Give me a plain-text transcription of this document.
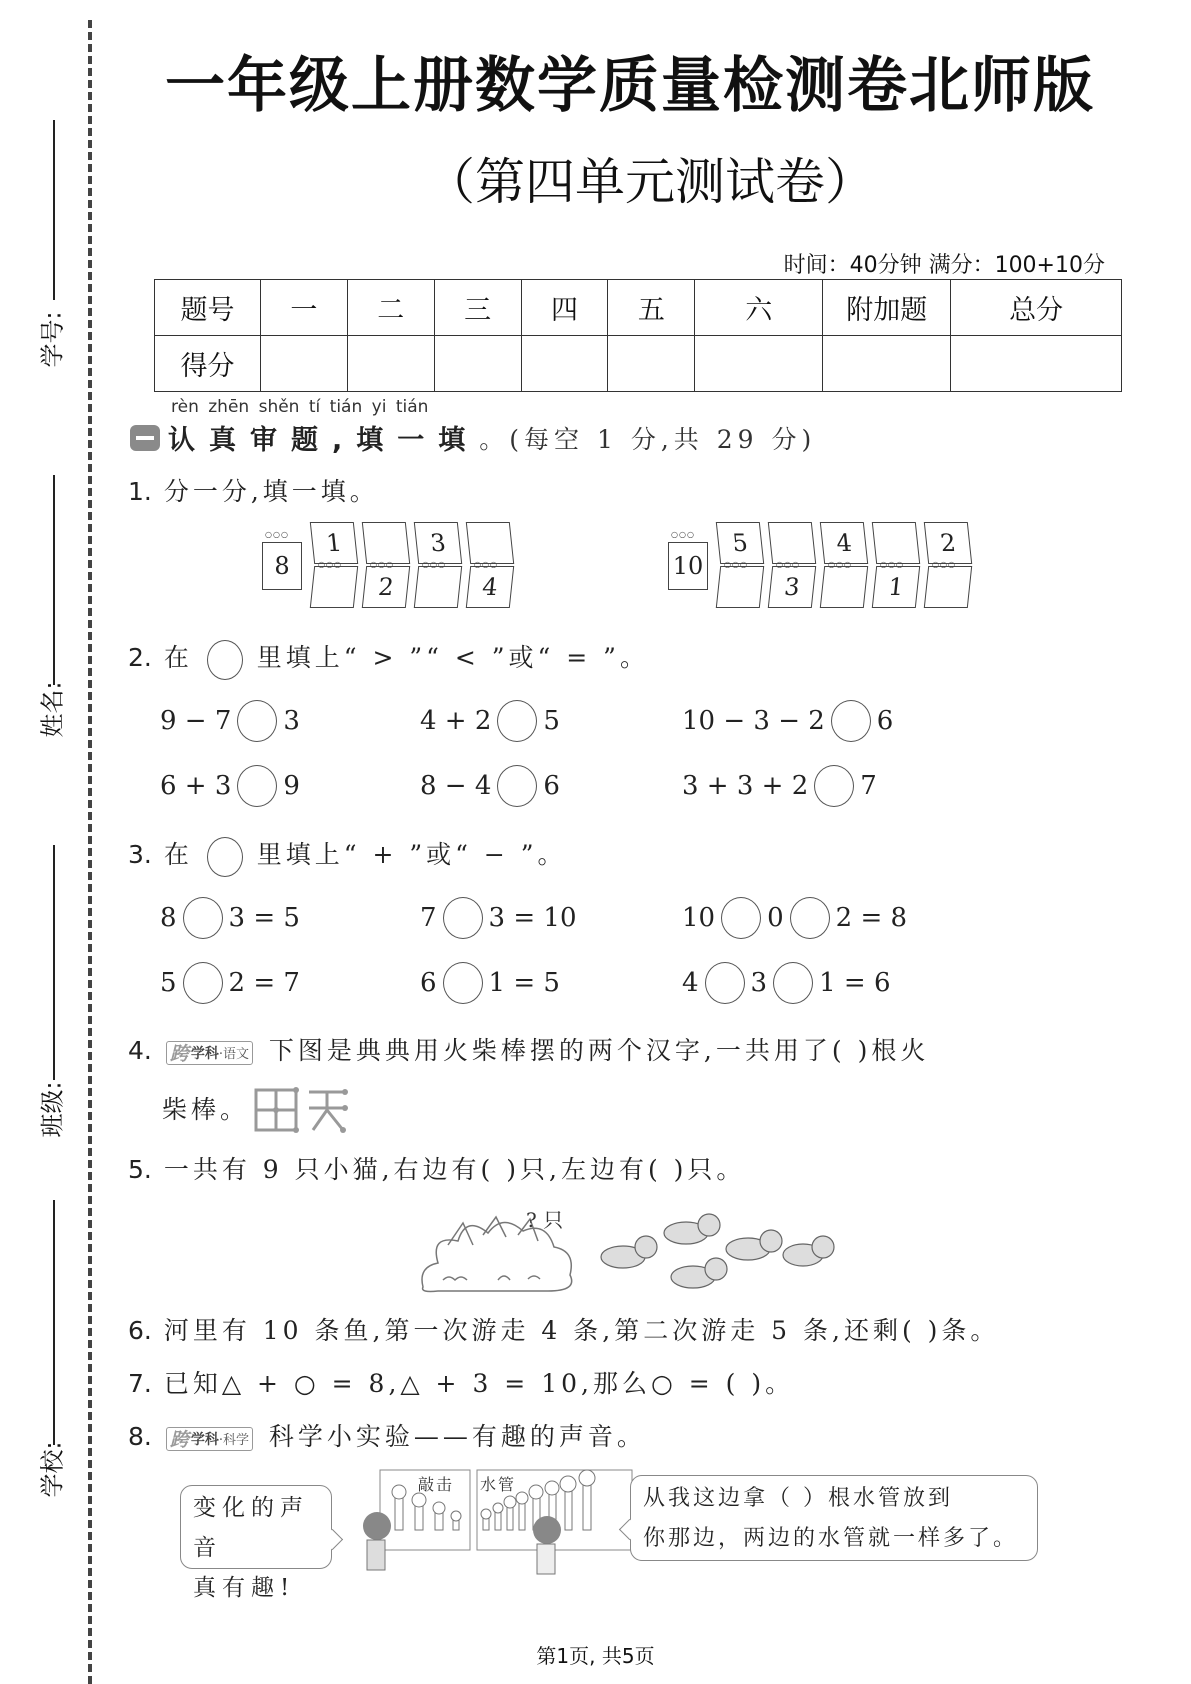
学号:
姓名:
班级:
学校:
一年级上册数学质量检测卷北师版
（第四单元测试卷）
时间：40分钟 满分：100+10分
题号	一	二	三	四	五	六	附加题	总分
得分								
rèn zhēn shěn tí tián yi tián
认真审题,填一填 。(每空 1 分,共 29 分)
1. 分一分,填一填。
○○○ 8
1
○○○
2
○○○
3
○○○
4
○○○	○○○ 10
5
○○○
3
○○○
4
○○○
1
○○○
2
○○○
2. 在	里填上“ > ”“ < ”或“ = ”。
9 − 7 3	4 + 2 5	10 − 3 − 2 6
6 + 3 9	8 − 4 6	3 + 3 + 2 7
3. 在	里填上“ + ”或“ − ”。
8 3 = 5	7 3 = 10	10 0 2 = 8
5 2 = 7	6 1 = 5	4 3 1 = 6
4. 跨 学科 ·语文 下图是典典用火柴棒摆的两个汉字,一共用了( )根火
柴棒。
5. 一共有 9 只小猫,右边有( )只,左边有( )只。
? 只
6. 河里有 10 条鱼,第一次游走 4 条,第二次游走 5 条,还剩( )条。
7. 已知△ + ○ = 8,△ + 3 = 10,那么○ = ( )。
8. 跨 学科 ·科学 科学小实验——有趣的声音。
变化的声音
真有趣!
敲击 水管
从我这边拿（ ）根水管放到
你那边，两边的水管就一样多了。
第1页, 共5页
